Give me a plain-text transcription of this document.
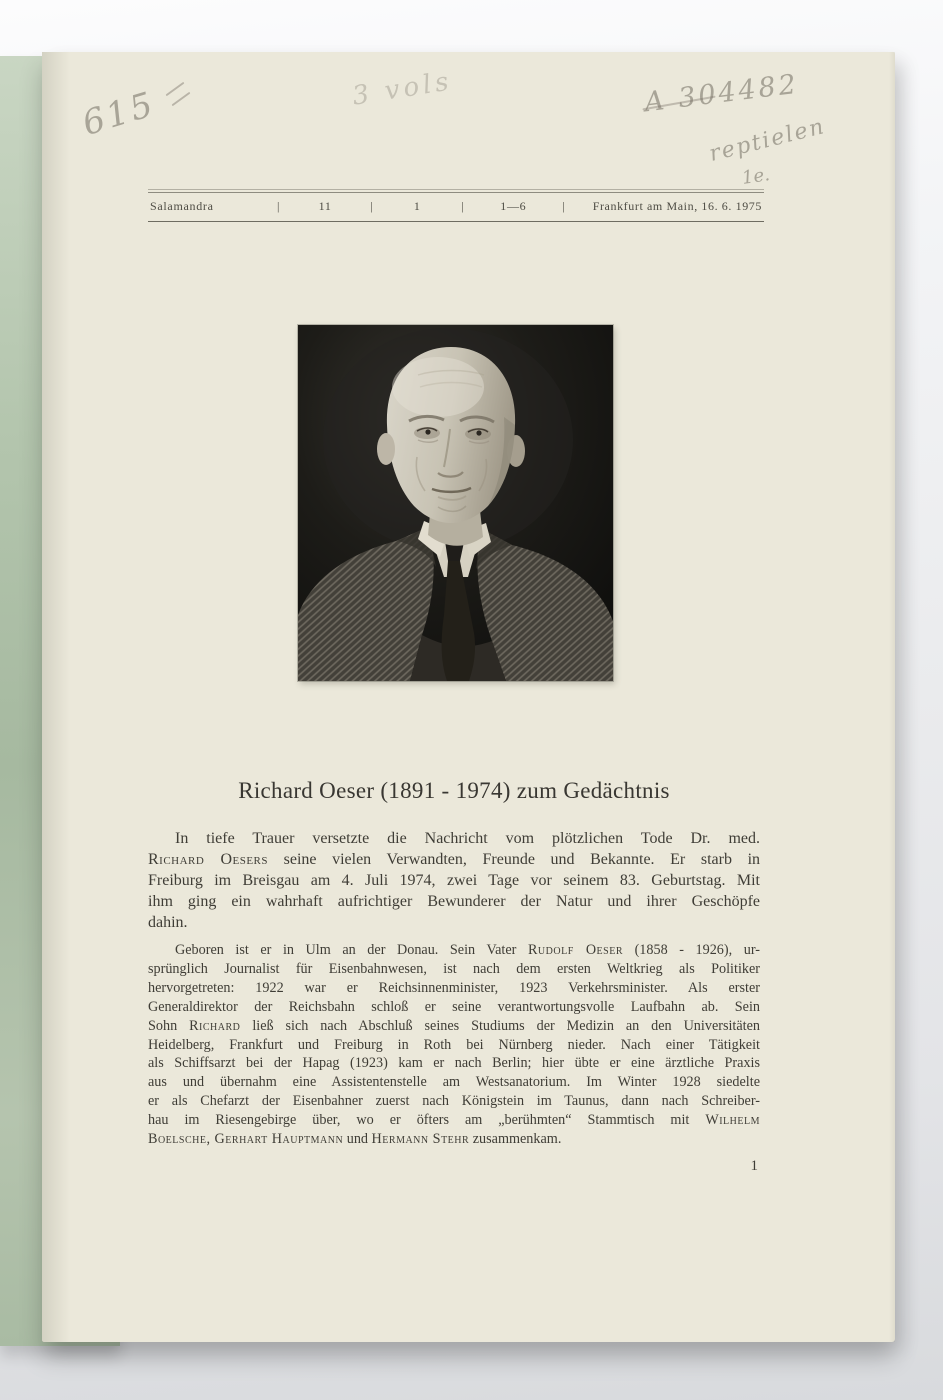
615	3 vols	A 304482
reptielen
1e.
Salamandra	|	11	|	1	|	1—6	|	Frankfurt am Main, 16. 6. 1975
Richard Oeser (1891 - 1974) zum Gedächtnis
In tiefe Trauer versetzte die Nachricht vom plötzlichen Tode Dr. med.
Richard Oesers seine vielen Verwandten, Freunde und Bekannte. Er starb in
Freiburg im Breisgau am 4. Juli 1974, zwei Tage vor seinem 83. Geburtstag. Mit
ihm ging ein wahrhaft aufrichtiger Bewunderer der Natur und ihrer Geschöpfe
dahin.
Geboren ist er in Ulm an der Donau. Sein Vater Rudolf Oeser (1858 - 1926), ur-
sprünglich Journalist für Eisenbahnwesen, ist nach dem ersten Weltkrieg als Politiker
hervorgetreten: 1922 war er Reichsinnenminister, 1923 Verkehrsminister. Als erster
Generaldirektor der Reichsbahn schloß er seine verantwortungsvolle Laufbahn ab. Sein
Sohn Richard ließ sich nach Abschluß seines Studiums der Medizin an den Universitäten
Heidelberg, Frankfurt und Freiburg in Roth bei Nürnberg nieder. Nach einer Tätigkeit
als Schiffsarzt bei der Hapag (1923) kam er nach Berlin; hier übte er eine ärztliche Praxis
aus und übernahm eine Assistentenstelle am Westsanatorium. Im Winter 1928 siedelte
er als Chefarzt der Eisenbahner zuerst nach Königstein im Taunus, dann nach Schreiber-
hau im Riesengebirge über, wo er öfters am „berühmten“ Stammtisch mit Wilhelm
Boelsche, Gerhart Hauptmann und Hermann Stehr zusammenkam.
1
